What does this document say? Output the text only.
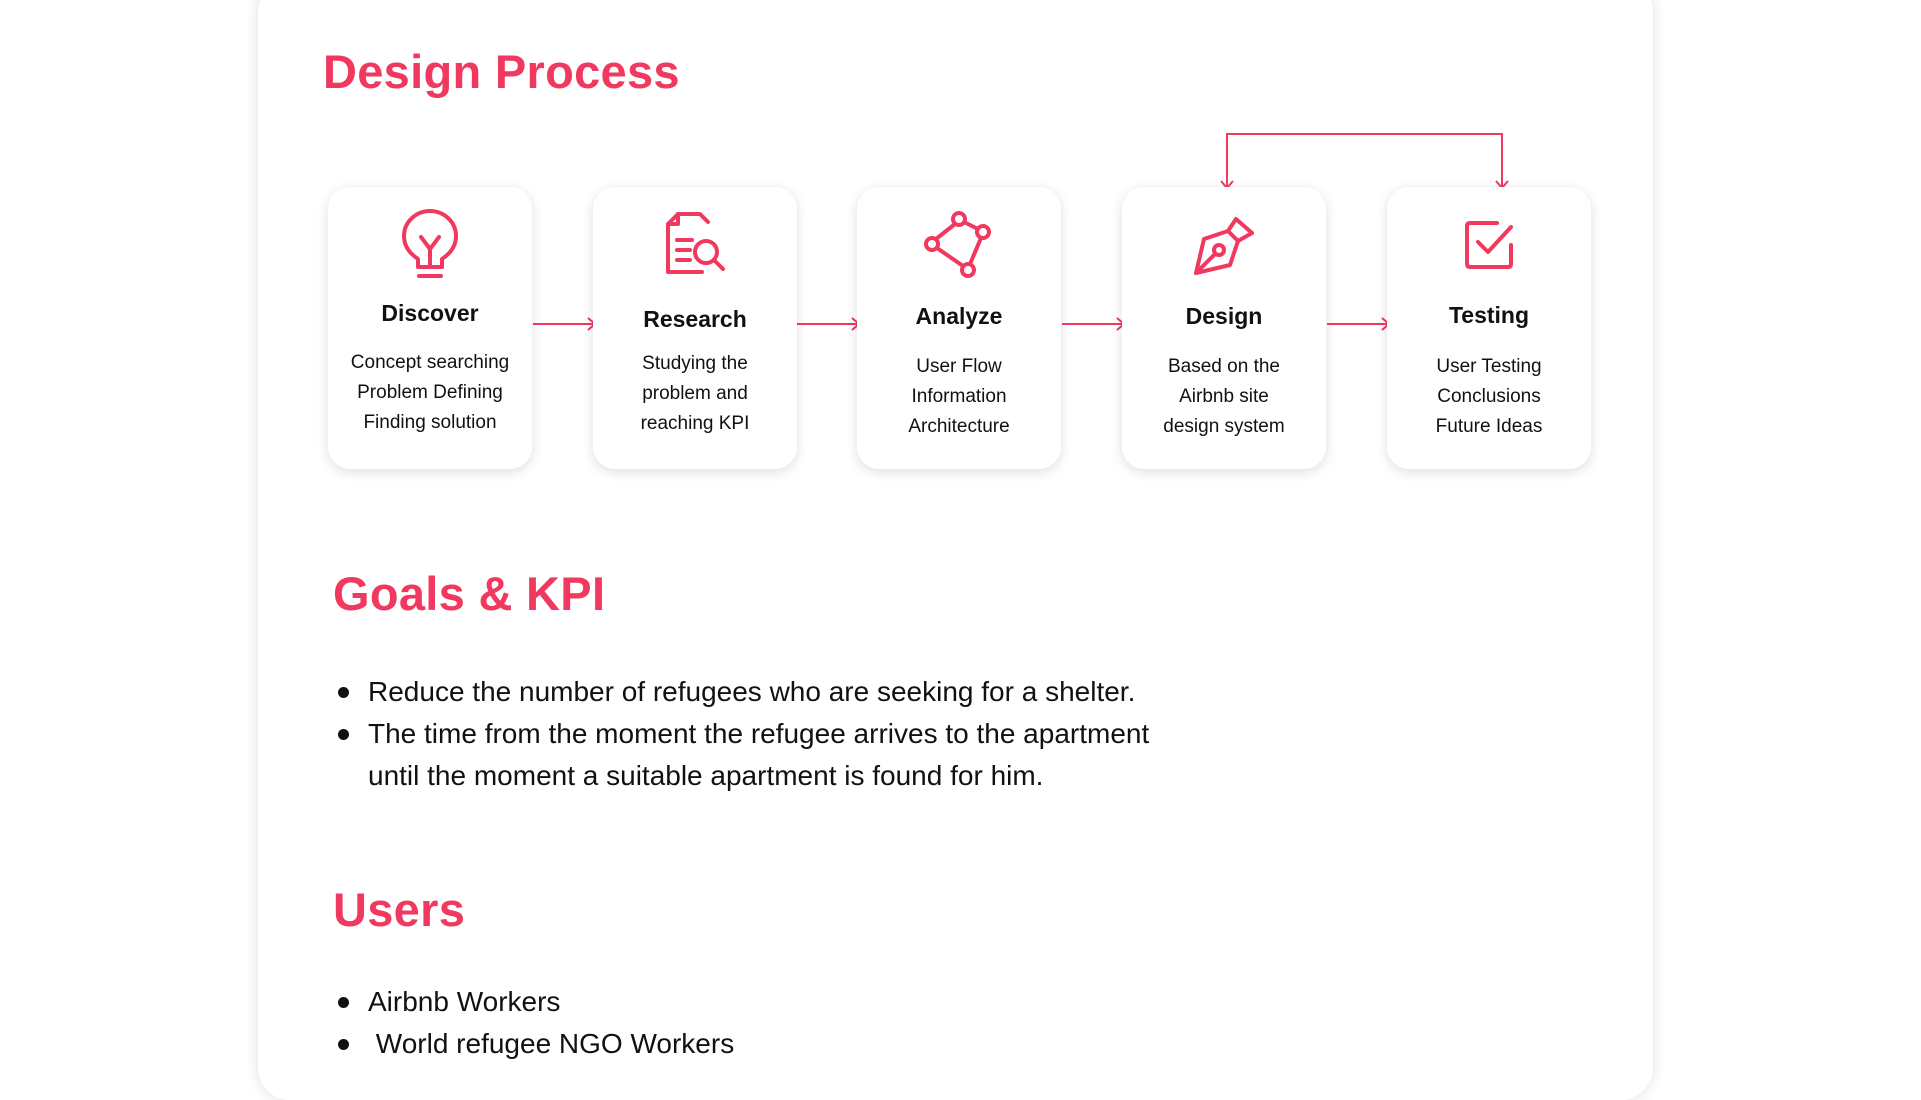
Design Process
Discover
Concept searching
Problem Defining
Finding solution
Research
Studying the
problem and
reaching KPI
Analyze
User Flow
Information
Architecture
Design
Based on the
Airbnb site
design system
Testing
User Testing
Conclusions
Future Ideas
Goals & KPI
Reduce the number of refugees who are seeking for a shelter.
The time from the moment the refugee arrives to the apartment
until the moment a suitable apartment is found for him.
Users
Airbnb Workers
World refugee NGO Workers
